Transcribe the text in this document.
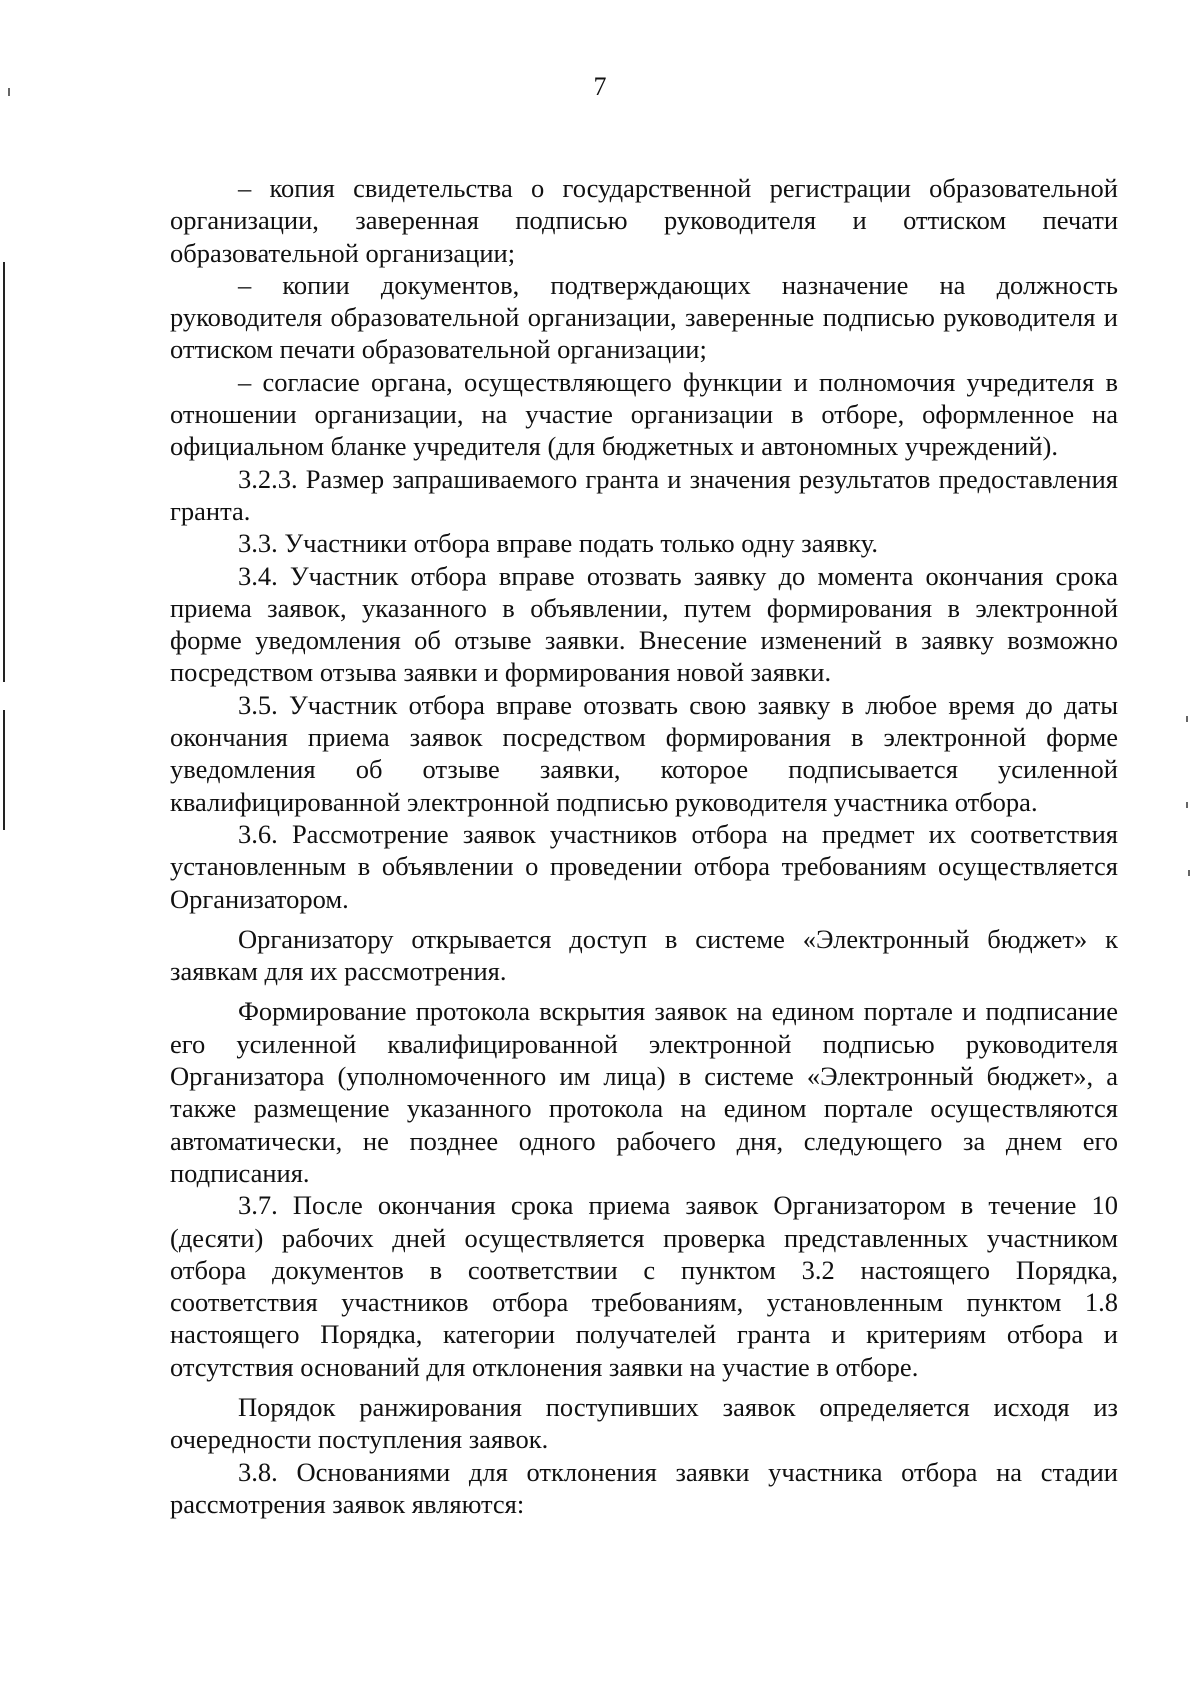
7

– копия свидетельства о государственной регистрации образовательной организации, заверенная подписью руководителя и оттиском печати образовательной организации;

– копии документов, подтверждающих назначение на должность руководителя образовательной организации, заверенные подписью руководителя и оттиском печати образовательной организации;

– согласие органа, осуществляющего функции и полномочия учредителя в отношении организации, на участие организации в отборе, оформленное на официальном бланке учредителя (для бюджетных и автономных учреждений).

3.2.3. Размер запрашиваемого гранта и значения результатов предоставления гранта.

3.3. Участники отбора вправе подать только одну заявку.

3.4. Участник отбора вправе отозвать заявку до момента окончания срока приема заявок, указанного в объявлении, путем формирования в электронной форме уведомления об отзыве заявки. Внесение изменений в заявку возможно посредством отзыва заявки и формирования новой заявки.

3.5. Участник отбора вправе отозвать свою заявку в любое время до даты окончания приема заявок посредством формирования в электронной форме уведомления об отзыве заявки, которое подписывается усиленной квалифицированной электронной подписью руководителя участника отбора.

3.6. Рассмотрение заявок участников отбора на предмет их соответствия установленным в объявлении о проведении отбора требованиям осуществляется Организатором.

Организатору открывается доступ в системе «Электронный бюджет» к заявкам для их рассмотрения.

Формирование протокола вскрытия заявок на едином портале и подписание его усиленной квалифицированной электронной подписью руководителя Организатора (уполномоченного им лица) в системе «Электронный бюджет», а также размещение указанного протокола на едином портале осуществляются автоматически, не позднее одного рабочего дня, следующего за днем его подписания.

3.7. После окончания срока приема заявок Организатором в течение 10 (десяти) рабочих дней осуществляется проверка представленных участником отбора документов в соответствии с пунктом 3.2 настоящего Порядка, соответствия участников отбора требованиям, установленным пунктом 1.8 настоящего Порядка, категории получателей гранта и критериям отбора и отсутствия оснований для отклонения заявки на участие в отборе.

Порядок ранжирования поступивших заявок определяется исходя из очередности поступления заявок.

3.8. Основаниями для отклонения заявки участника отбора на стадии рассмотрения заявок являются:
